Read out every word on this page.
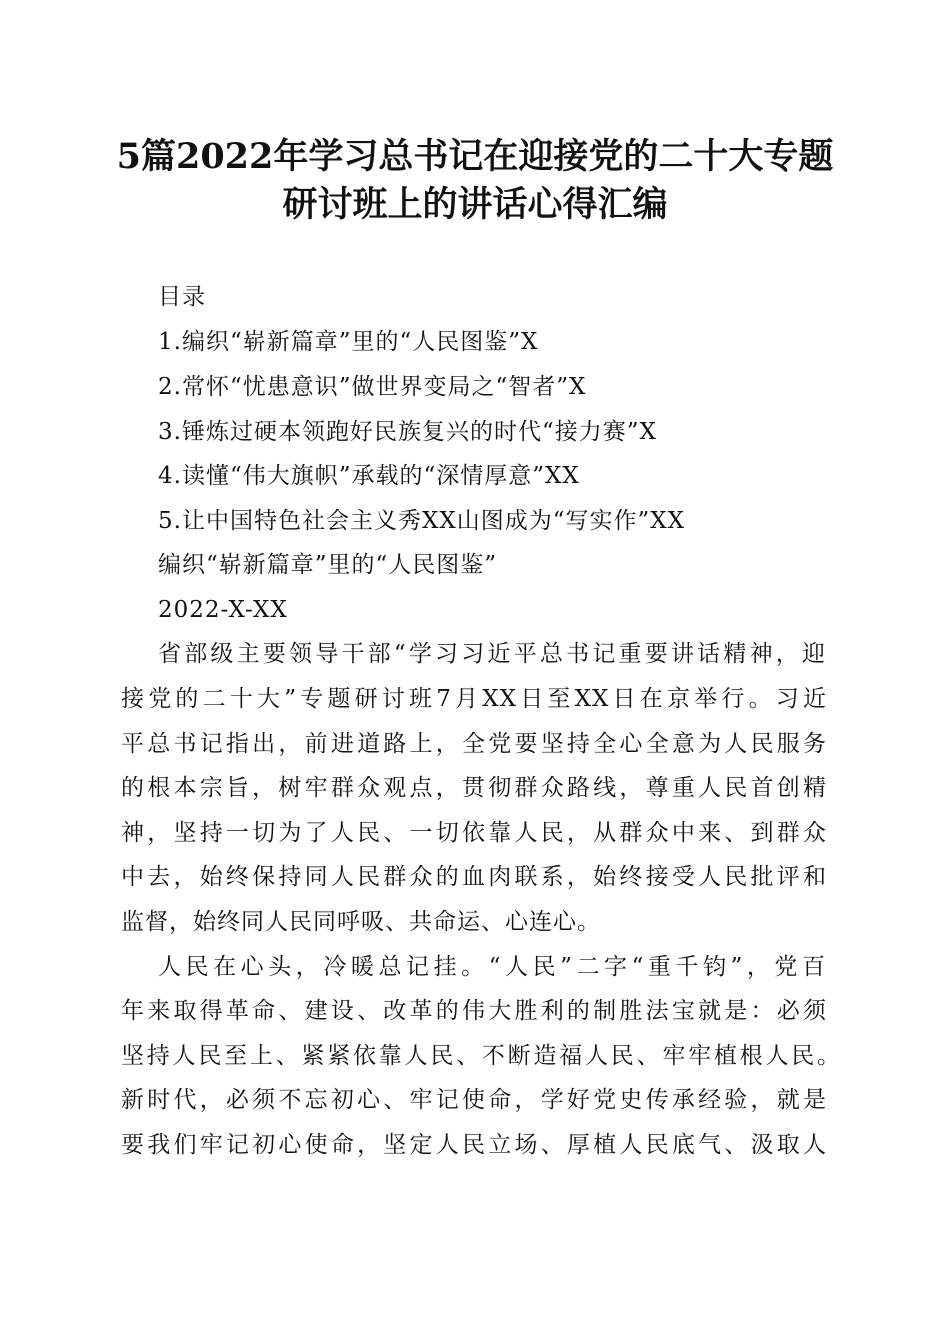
5篇2022年学习总书记在迎接党的二十大专题
研讨班上的讲话心得汇编

目录

1.编织“崭新篇章”里的“人民图鉴”X

2.常怀“忧患意识”做世界变局之“智者”X

3.锤炼过硬本领跑好民族复兴的时代“接力赛”X

4.读懂“伟大旗帜”承载的“深情厚意”XX

5.让中国特色社会主义秀XX山图成为“写实作”XX

编织“崭新篇章”里的“人民图鉴”

2022-X-XX

省部级主要领导干部“学习习近平总书记重要讲话精神，迎

接党的二十大”专题研讨班7月XX日至XX日在京举行。习近

平总书记指出，前进道路上，全党要坚持全心全意为人民服务

的根本宗旨，树牢群众观点，贯彻群众路线，尊重人民首创精

神，坚持一切为了人民、一切依靠人民，从群众中来、到群众

中去，始终保持同人民群众的血肉联系，始终接受人民批评和

监督，始终同人民同呼吸、共命运、心连心。

人民在心头，冷暖总记挂。“人民”二字“重千钧”，党百

年来取得革命、建设、改革的伟大胜利的制胜法宝就是：必须

坚持人民至上、紧紧依靠人民、不断造福人民、牢牢植根人民。

新时代，必须不忘初心、牢记使命，学好党史传承经验，就是

要我们牢记初心使命，坚定人民立场、厚植人民底气、汲取人
